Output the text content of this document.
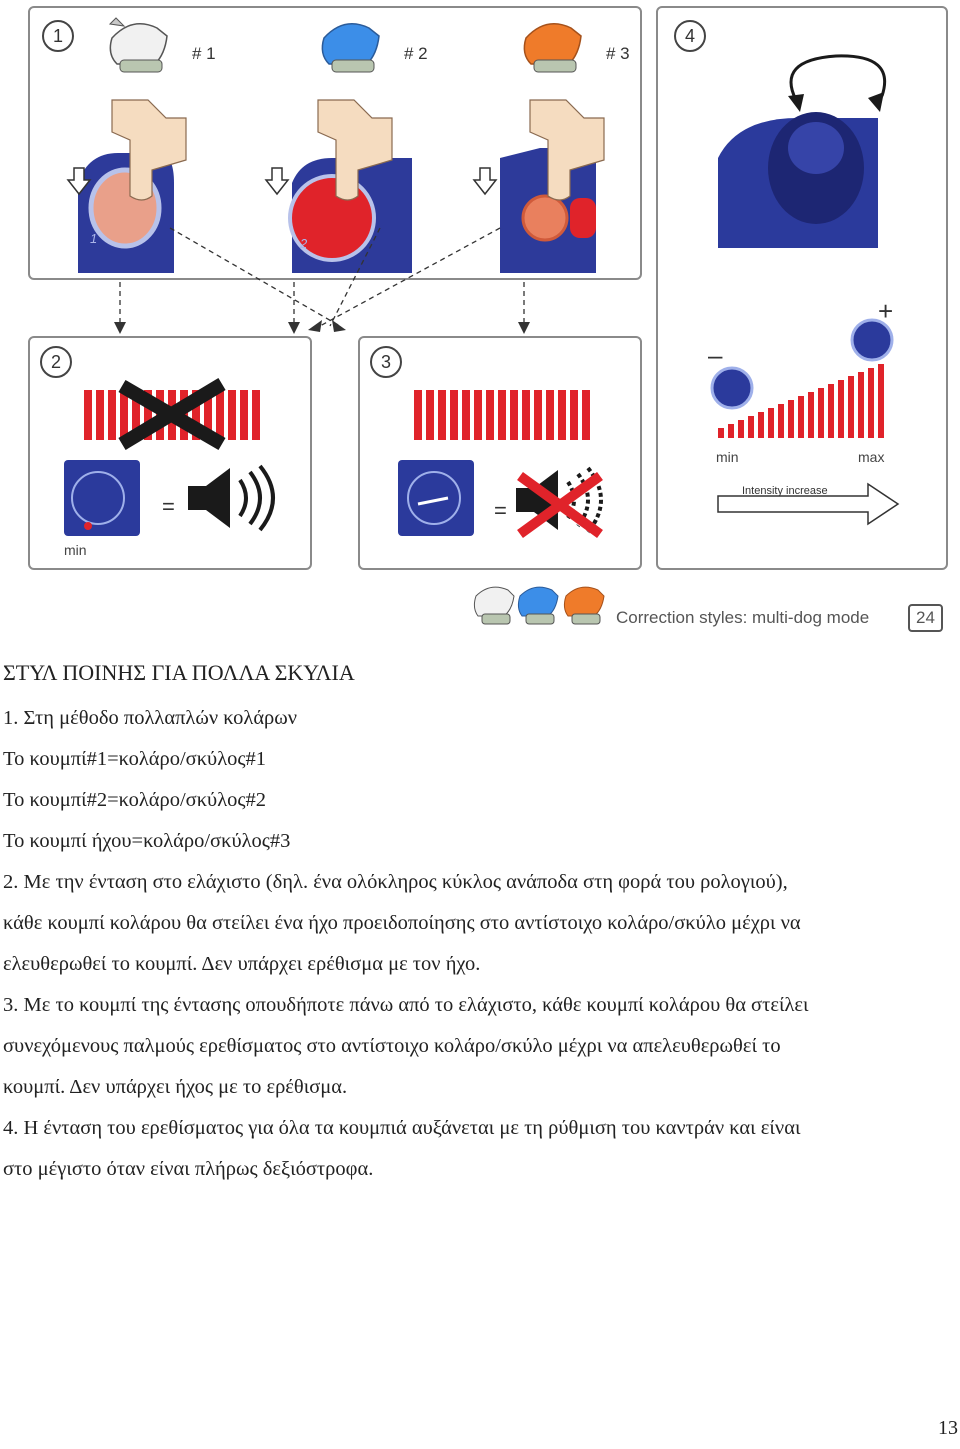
1
# 1	# 2	# 3
1	2
2
=
min
3
=
4
–
+
min	max
Intensity increase
Correction styles: multi-dog mode	24
ΣΤΥΛ ΠΟΙΝΗΣ ΓΙΑ ΠΟΛΛΑ ΣΚΥΛΙΑ
1. Στη μέθοδο πολλαπλών κολάρων
Το κουμπί#1=κολάρο/σκύλος#1
Το κουμπί#2=κολάρο/σκύλος#2
Το κουμπί ήχου=κολάρο/σκύλος#3
2. Με την ένταση στο ελάχιστο (δηλ. ένα ολόκληρος κύκλος ανάποδα στη φορά του ρολογιού),
κάθε κουμπί κολάρου θα στείλει ένα ήχο προειδοποίησης στο αντίστοιχο κολάρο/σκύλο μέχρι να
ελευθερωθεί το κουμπί. Δεν υπάρχει ερέθισμα με τον ήχο.
3. Με το κουμπί της έντασης οπουδήποτε πάνω από το ελάχιστο, κάθε κουμπί κολάρου θα στείλει
συνεχόμενους παλμούς ερεθίσματος στο αντίστοιχο κολάρο/σκύλο μέχρι να απελευθερωθεί το
κουμπί. Δεν υπάρχει ήχος με το ερέθισμα.
4. Η ένταση του ερεθίσματος για όλα τα κουμπιά αυξάνεται με τη ρύθμιση του καντράν και είναι
στο μέγιστο όταν είναι πλήρως δεξιόστροφα.
13
